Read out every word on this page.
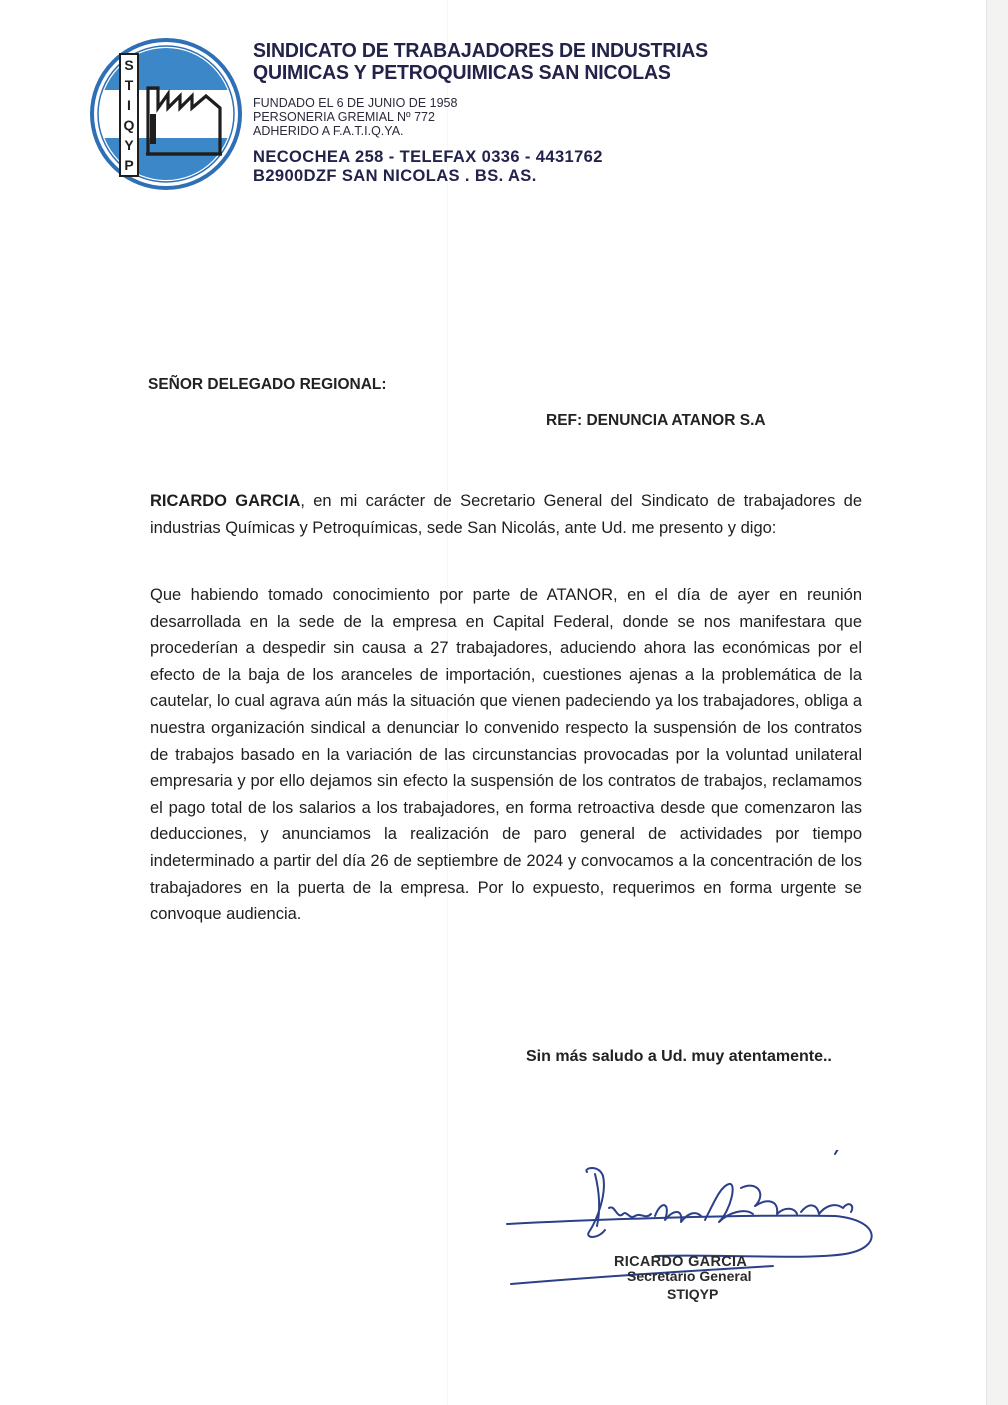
S
T
I
Q
Y
P
SINDICATO DE TRABAJADORES DE INDUSTRIAS
QUIMICAS Y PETROQUIMICAS SAN NICOLAS
FUNDADO EL 6 DE JUNIO DE 1958
PERSONERIA GREMIAL Nº 772
ADHERIDO A F.A.T.I.Q.YA.
NECOCHEA 258 - TELEFAX 0336 - 4431762
B2900DZF SAN NICOLAS . BS. AS.
SEÑOR DELEGADO REGIONAL:
REF: DENUNCIA ATANOR S.A
RICARDO GARCIA, en mi carácter de Secretario General del Sindicato de trabajadores de industrias Químicas y Petroquímicas, sede San Nicolás, ante Ud. me presento y digo:
Que habiendo tomado conocimiento por parte de ATANOR, en el día de ayer en reunión desarrollada en la sede de la empresa en Capital Federal, donde se nos manifestara que procederían a despedir sin causa a 27 trabajadores, aduciendo ahora las económicas por el efecto de la baja de los aranceles de importación, cuestiones ajenas a la problemática de la cautelar, lo cual agrava aún más la situación que vienen padeciendo ya los trabajadores, obliga a nuestra organización sindical a denunciar lo convenido respecto la suspensión de los contratos de trabajos basado en la variación de las circunstancias provocadas por la voluntad unilateral empresaria y por ello dejamos sin efecto la suspensión de los contratos de trabajos, reclamamos el pago total de los salarios a los trabajadores, en forma retroactiva desde que comenzaron las deducciones, y anunciamos la realización de paro general de actividades por tiempo indeterminado a partir del día 26 de septiembre de 2024 y convocamos a la concentración de los trabajadores en la puerta de la empresa. Por lo expuesto, requerimos en forma urgente se convoque audiencia.
Sin más saludo a Ud. muy atentamente..
RICARDO GARCIA
Secretario General
STIQYP
